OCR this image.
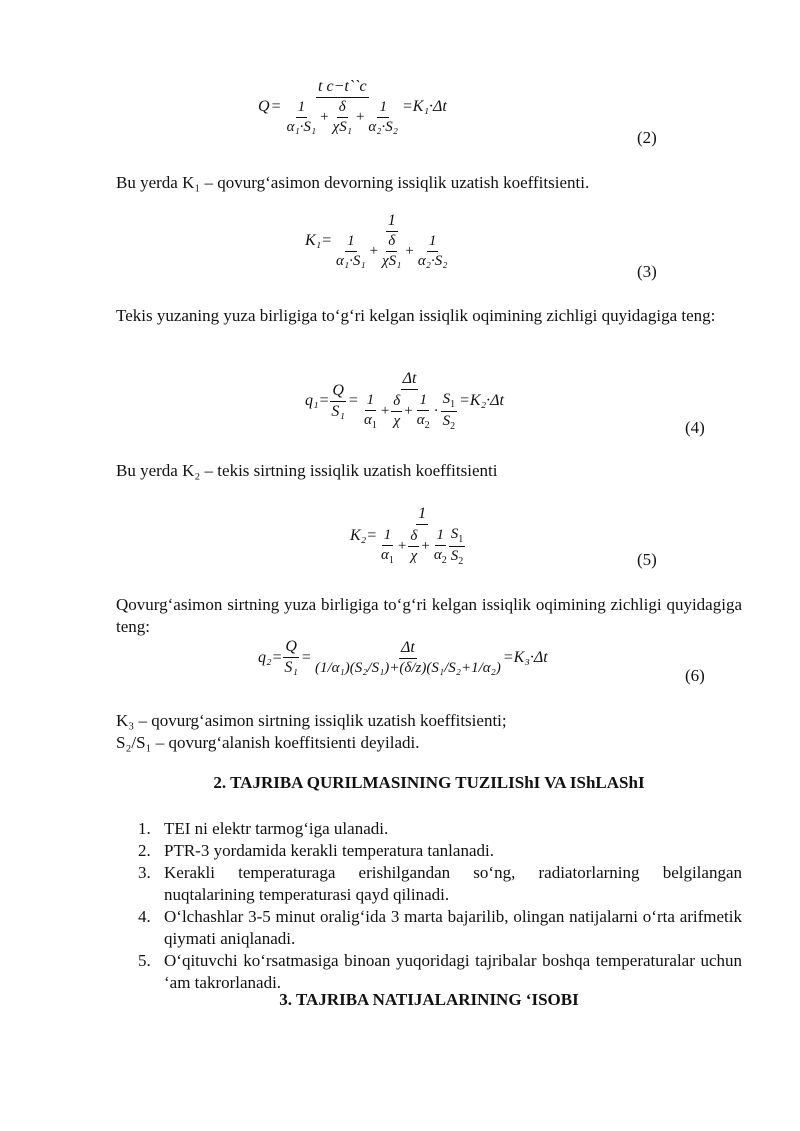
$Q = \frac{\text{t c−t``c}}{\frac{1}{\text{α₁·S₁}} + \frac{\delta}{\text{χS₁}} + \frac{1}{\text{α₂·S₂}}} =K_1\cdot\Delta t$
(2)
Bu yerda K₁ – qovurg‘asimon devorning issiqlik uzatish koeffitsienti.
$K_1= \frac{1}{\frac{1}{\text{α₁·S₁}} + \frac{\delta}{\text{χS₁}} + \frac{1}{\text{α₂·S₂}}}$
(3)
Tekis yuzaning yuza birligiga to‘g‘ri kelgan issiqlik oqimining zichligi quyidagiga teng:
$q_1= \frac{Q}{\text{S₁}} = \frac{\Delta t}{\frac{1}{\alpha_1} + \frac{\delta}{\chi} + \frac{1}{\alpha_2} \cdot \frac{S_1}{S_2}} =K_2\cdot\Delta t$
(4)
Bu yerda K₂ – tekis sirtning issiqlik uzatish koeffitsienti
$K_2= \frac{1}{\frac{1}{\alpha_1} + \frac{\delta}{\chi} + \frac{1}{\alpha_2} \frac{S_1}{S_2}}$	(5)
Qovurg‘asimon sirtning yuza birligiga to‘g‘ri kelgan issiqlik oqimining zichligi quyidagiga teng:
$q_2= \frac{Q}{\text{S₁}} = \frac{\Delta t}{\text{(1/α₁)(S₂/S₁)+(δ/z)(S₁/S₂+1/α₂)}} =K_3\cdot\Delta t$
(6)
K₃ – qovurg‘asimon sirtning issiqlik uzatish koeffitsienti;
S₂/S₁ – qovurg‘alanish koeffitsienti deyiladi.
2. TAJRIBA QURILMASINING TUZILIShI VA IShLAShI
1. TEI ni elektr tarmog‘iga ulanadi.
2. PTR-3 yordamida kerakli temperatura tanlanadi.
3. Kerakli temperaturaga erishilgandan so‘ng, radiatorlarning belgilangan nuqtalarining temperaturasi qayd qilinadi.
4. O‘lchashlar 3-5 minut oralig‘ida 3 marta bajarilib, olingan natijalarni o‘rta arifmetik qiymati aniqlanadi.
5. O‘qituvchi ko‘rsatmasiga binoan yuqoridagi tajribalar boshqa temperaturalar uchun ‘am takrorlanadi.
3. TAJRIBA NATIJALARINING ‘ISOBI
